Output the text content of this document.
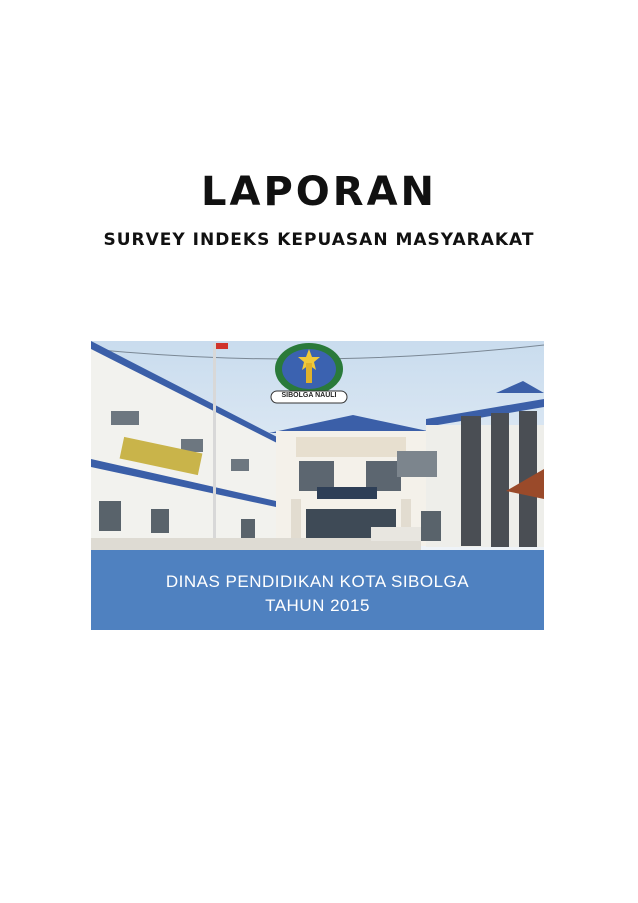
LAPORAN
SURVEY INDEKS KEPUASAN MASYARAKAT
SIBOLGA NAULI
DINAS PENDIDIKAN KOTA SIBOLGA
TAHUN 2015
